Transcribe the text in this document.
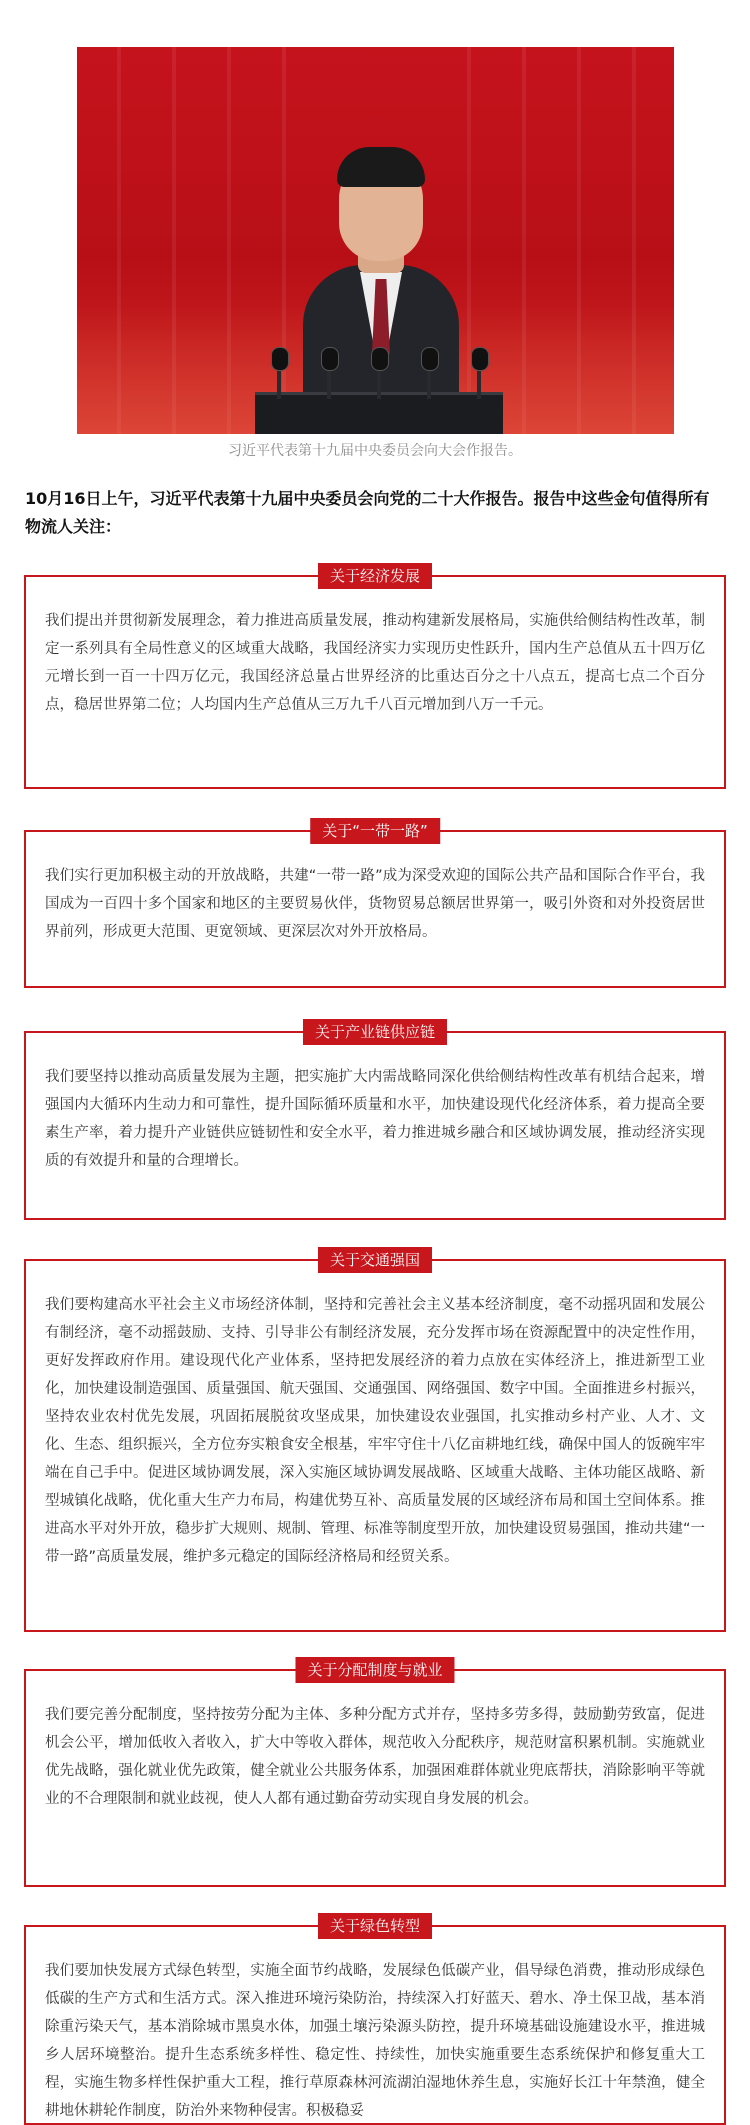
习近平代表第十九届中央委员会向大会作报告。

10月16日上午，习近平代表第十九届中央委员会向党的二十大作报告。报告中这些金句值得所有物流人关注：

关于经济发展

我们提出并贯彻新发展理念，着力推进高质量发展，推动构建新发展格局，实施供给侧结构性改革，制定一系列具有全局性意义的区域重大战略，我国经济实力实现历史性跃升，国内生产总值从五十四万亿元增长到一百一十四万亿元，我国经济总量占世界经济的比重达百分之十八点五，提高七点二个百分点，稳居世界第二位；人均国内生产总值从三万九千八百元增加到八万一千元。

关于“一带一路”

我们实行更加积极主动的开放战略，共建“一带一路”成为深受欢迎的国际公共产品和国际合作平台，我国成为一百四十多个国家和地区的主要贸易伙伴，货物贸易总额居世界第一，吸引外资和对外投资居世界前列，形成更大范围、更宽领域、更深层次对外开放格局。

关于产业链供应链

我们要坚持以推动高质量发展为主题，把实施扩大内需战略同深化供给侧结构性改革有机结合起来，增强国内大循环内生动力和可靠性，提升国际循环质量和水平，加快建设现代化经济体系，着力提高全要素生产率，着力提升产业链供应链韧性和安全水平，着力推进城乡融合和区域协调发展，推动经济实现质的有效提升和量的合理增长。

关于交通强国

我们要构建高水平社会主义市场经济体制，坚持和完善社会主义基本经济制度，毫不动摇巩固和发展公有制经济，毫不动摇鼓励、支持、引导非公有制经济发展，充分发挥市场在资源配置中的决定性作用，更好发挥政府作用。建设现代化产业体系，坚持把发展经济的着力点放在实体经济上，推进新型工业化，加快建设制造强国、质量强国、航天强国、交通强国、网络强国、数字中国。全面推进乡村振兴，坚持农业农村优先发展，巩固拓展脱贫攻坚成果，加快建设农业强国，扎实推动乡村产业、人才、文化、生态、组织振兴，全方位夯实粮食安全根基，牢牢守住十八亿亩耕地红线，确保中国人的饭碗牢牢端在自己手中。促进区域协调发展，深入实施区域协调发展战略、区域重大战略、主体功能区战略、新型城镇化战略，优化重大生产力布局，构建优势互补、高质量发展的区域经济布局和国土空间体系。推进高水平对外开放，稳步扩大规则、规制、管理、标准等制度型开放，加快建设贸易强国，推动共建“一带一路”高质量发展，维护多元稳定的国际经济格局和经贸关系。

关于分配制度与就业

我们要完善分配制度，坚持按劳分配为主体、多种分配方式并存，坚持多劳多得，鼓励勤劳致富，促进机会公平，增加低收入者收入，扩大中等收入群体，规范收入分配秩序，规范财富积累机制。实施就业优先战略，强化就业优先政策，健全就业公共服务体系，加强困难群体就业兜底帮扶，消除影响平等就业的不合理限制和就业歧视，使人人都有通过勤奋劳动实现自身发展的机会。

关于绿色转型

我们要加快发展方式绿色转型，实施全面节约战略，发展绿色低碳产业，倡导绿色消费，推动形成绿色低碳的生产方式和生活方式。深入推进环境污染防治，持续深入打好蓝天、碧水、净土保卫战，基本消除重污染天气，基本消除城市黑臭水体，加强土壤污染源头防控，提升环境基础设施建设水平，推进城乡人居环境整治。提升生态系统多样性、稳定性、持续性，加快实施重要生态系统保护和修复重大工程，实施生物多样性保护重大工程，推行草原森林河流湖泊湿地休养生息，实施好长江十年禁渔，健全耕地休耕轮作制度，防治外来物种侵害。积极稳妥
